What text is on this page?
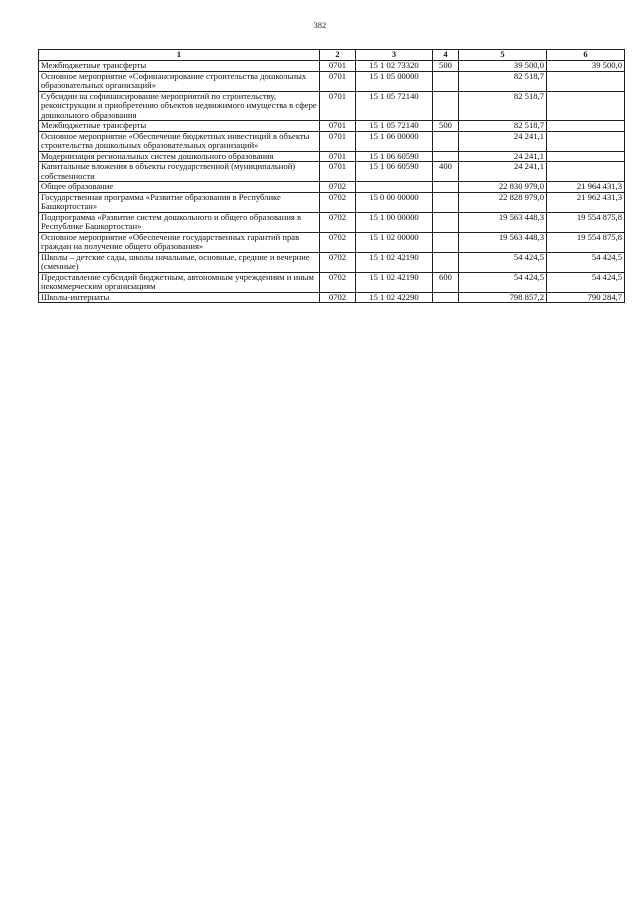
382
1	2	3	4	5	6
Межбюджетные трансферты	0701	15 1 02 73320	500	39 500,0	39 500,0
Основное мероприятие «Софинансирование строительства дошкольных образовательных организаций»	0701	15 1 05 00000		82 518,7	
Субсидии на софинансирование мероприятий по строительству, реконструкции и приобретению объектов недвижимого имущества в сфере дошкольного образования	0701	15 1 05 72140		82 518,7	
Межбюджетные трансферты	0701	15 1 05 72140	500	82 518,7	
Основное мероприятие «Обеспечение бюджетных инвестиций в объекты строительства дошкольных образовательных организаций»	0701	15 1 06 00000		24 241,1	
Модернизация региональных систем дошкольного образования	0701	15 1 06 60590		24 241,1	
Капитальные вложения в объекты государственной (муниципальной) собственности	0701	15 1 06 60590	400	24 241,1	
Общее образование	0702			22 830 979,0	21 964 431,3
Государственная программа «Развитие образования в Республике Башкортостан»	0702	15 0 00 00000		22 828 979,0	21 962 431,3
Подпрограмма «Развитие систем дошкольного и общего образования в Республике Башкортостан»	0702	15 1 00 00000		19 563 448,3	19 554 875,8
Основное мероприятие «Обеспечение государственных гарантий прав граждан на получение общего образования»	0702	15 1 02 00000		19 563 448,3	19 554 875,8
Школы – детские сады, школы начальные, основные, средние и вечерние (сменные)	0702	15 1 02 42190		54 424,5	54 424,5
Предоставление субсидий бюджетным, автономным учреждениям и иным некоммерческим организациям	0702	15 1 02 42190	600	54 424,5	54 424,5
Школы-интернаты	0702	15 1 02 42290		798 857,2	790 284,7
